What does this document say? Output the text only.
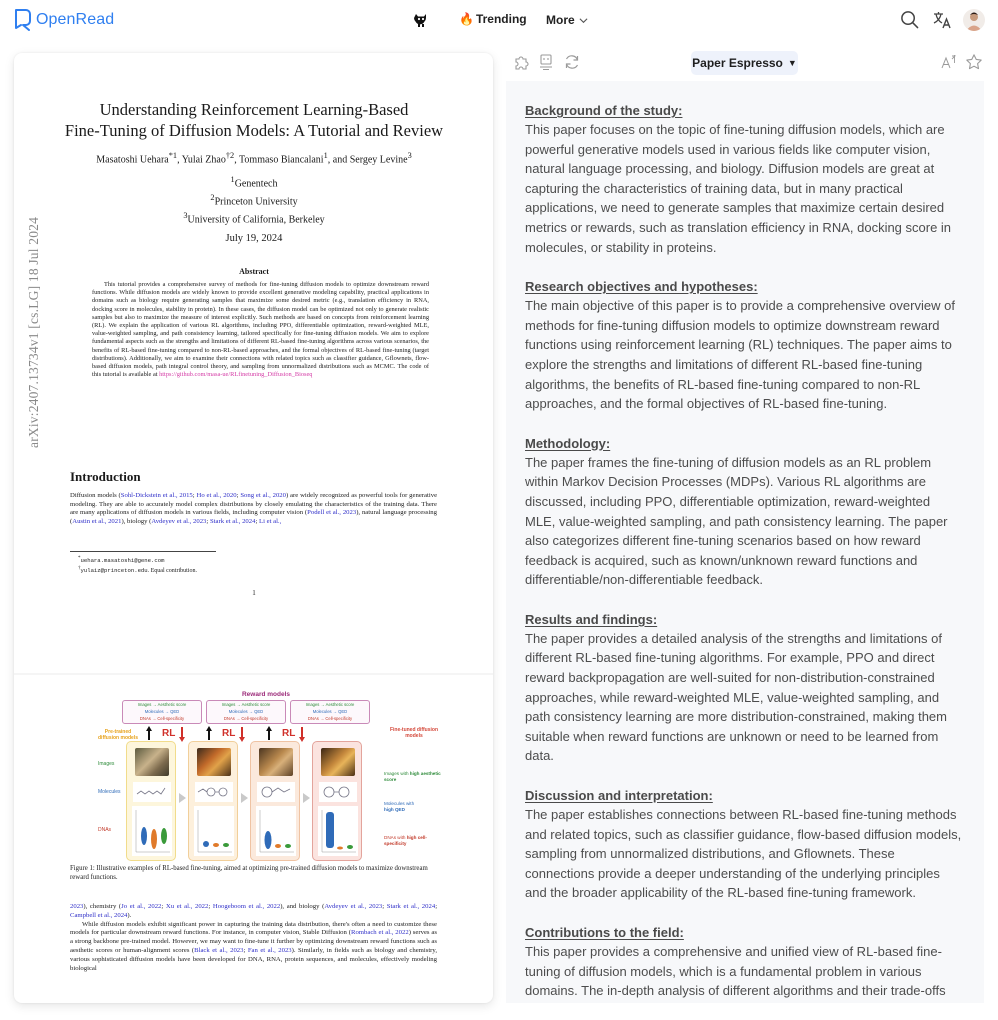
OpenRead	🔥 Trending More
arXiv:2407.13734v1 [cs.LG] 18 Jul 2024
Understanding Reinforcement Learning-Based
Fine-Tuning of Diffusion Models: A Tutorial and Review
Masatoshi Uehara$^{*1}$, Yulai Zhao$^{\dagger 2}$, Tommaso Biancalani$^1$, and Sergey Levine$^3$
$^1$Genentech
$^2$Princeton University
$^3$University of California, Berkeley
July 19, 2024
Abstract
This tutorial provides a comprehensive survey of methods for fine-tuning diffusion models to optimize downstream reward functions. While diffusion models are widely known to provide excellent generative modeling capability, practical applications in domains such as biology require generating samples that maximize some desired metric (e.g., translation efficiency in RNA, docking score in molecules, stability in protein). In these cases, the diffusion model can be optimized not only to generate realistic samples but also to maximize the measure of interest explicitly. Such methods are based on concepts from reinforcement learning (RL). We explain the application of various RL algorithms, including PPO, differentiable optimization, reward-weighted MLE, value-weighted sampling, and path consistency learning, tailored specifically for fine-tuning diffusion models. We aim to explore fundamental aspects such as the strengths and limitations of different RL-based fine-tuning algorithms across various scenarios, the benefits of RL-based fine-tuning compared to non-RL-based approaches, and the formal objectives of RL-based fine-tuning (target distributions). Additionally, we aim to examine their connections with related topics such as classifier guidance, Gflownets, flow-based diffusion models, path integral control theory, and sampling from unnormalized distributions such as MCMC. The code of this tutorial is available at https://github.com/masa-ue/RLfinetuning_Diffusion_Bioseq
Introduction
Diffusion models (Sohl-Dickstein et al., 2015; Ho et al., 2020; Song et al., 2020) are widely recognized as powerful tools for generative modeling. They are able to accurately model complex distributions by closely emulating the characteristics of the training data. There are many applications of diffusion models in various fields, including computer vision (Podell et al., 2023), natural language processing (Austin et al., 2021), biology (Avdeyev et al., 2023; Stark et al., 2024; Li et al.,
*uehara.masatoshi@gene.com
†yulaiz@princeton.edu. Equal contribution.
1
Reward models
Images → Aesthetic score
Molecules → QED
DNAs → Cell-specificity
Images → Aesthetic score
Molecules → QED
DNAs → Cell-specificity
Images → Aesthetic score
Molecules → QED
DNAs → Cell-specificity
RL	RL	RL
Pre-trained diffusion models
Fine-tuned diffusion models
Images
Molecules
DNAs
Images with high aesthetic score
Molecules with
high QED
DNAs with high cell-specificity
Figure 1: Illustrative examples of RL-based fine-tuning, aimed at optimizing pre-trained diffusion models to maximize downstream reward functions.

2023), chemistry (Jo et al., 2022; Xu et al., 2022; Hoogeboom et al., 2022), and biology (Avdeyev et al., 2023; Stark et al., 2024; Campbell et al., 2024).

While diffusion models exhibit significant power in capturing the training data distribution, there's often a need to customize these models for particular downstream reward functions. For instance, in computer vision, Stable Diffusion (Rombach et al., 2022) serves as a strong backbone pre-trained model. However, we may want to fine-tune it further by optimizing downstream reward functions such as aesthetic scores or human-alignment scores (Black et al., 2023; Fan et al., 2023). Similarly, in fields such as biology and chemistry, various sophisticated diffusion models have been developed for DNA, RNA, protein sequences, and molecules, effectively modeling biological

Paper Espresso ▼
Background of the study:
This paper focuses on the topic of fine-tuning diffusion models, which are powerful generative models used in various fields like computer vision, natural language processing, and biology. Diffusion models are great at capturing the characteristics of training data, but in many practical applications, we need to generate samples that maximize certain desired metrics or rewards, such as translation efficiency in RNA, docking score in molecules, or stability in proteins.
Research objectives and hypotheses:
The main objective of this paper is to provide a comprehensive overview of methods for fine-tuning diffusion models to optimize downstream reward functions using reinforcement learning (RL) techniques. The paper aims to explore the strengths and limitations of different RL-based fine-tuning algorithms, the benefits of RL-based fine-tuning compared to non-RL approaches, and the formal objectives of RL-based fine-tuning.
Methodology:
The paper frames the fine-tuning of diffusion models as an RL problem within Markov Decision Processes (MDPs). Various RL algorithms are discussed, including PPO, differentiable optimization, reward-weighted MLE, value-weighted sampling, and path consistency learning. The paper also categorizes different fine-tuning scenarios based on how reward feedback is acquired, such as known/unknown reward functions and differentiable/non-differentiable feedback.
Results and findings:
The paper provides a detailed analysis of the strengths and limitations of different RL-based fine-tuning algorithms. For example, PPO and direct reward backpropagation are well-suited for non-distribution-constrained approaches, while reward-weighted MLE, value-weighted sampling, and path consistency learning are more distribution-constrained, making them suitable when reward functions are unknown or need to be learned from data.
Discussion and interpretation:
The paper establishes connections between RL-based fine-tuning methods and related topics, such as classifier guidance, flow-based diffusion models, sampling from unnormalized distributions, and Gflownets. These connections provide a deeper understanding of the underlying principles and the broader applicability of the RL-based fine-tuning framework.
Contributions to the field:
This paper provides a comprehensive and unified view of RL-based fine-tuning of diffusion models, which is a fundamental problem in various domains. The in-depth analysis of different algorithms and their trade-offs
